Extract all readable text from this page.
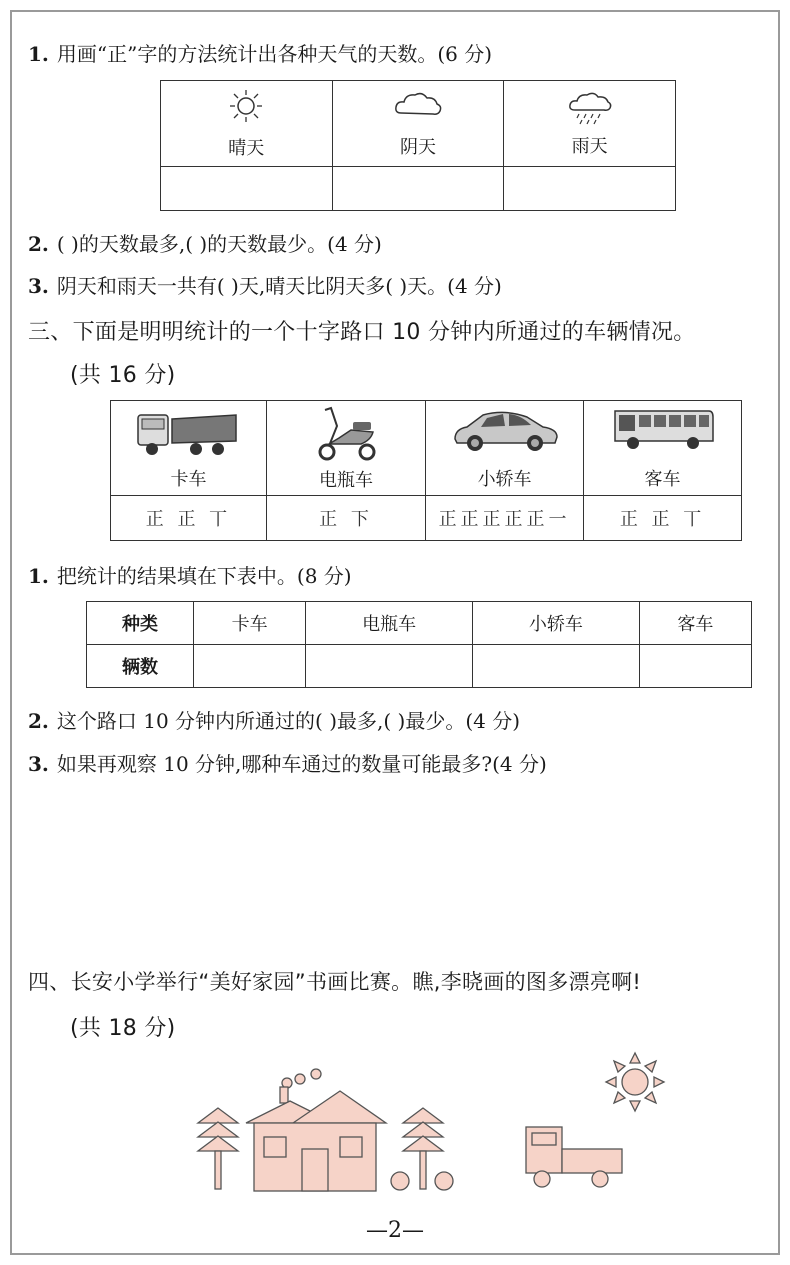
1. 用画“正”字的方法统计出各种天气的天数。(6 分)
晴天	阴天	雨天

2. ( )的天数最多,( )的天数最少。(4 分)
3. 阴天和雨天一共有( )天,晴天比阴天多( )天。(4 分)
三、下面是明明统计的一个十字路口 10 分钟内所通过的车辆情况。
(共 16 分)
卡车	电瓶车	小轿车	客车

正 正 丅	正 下	正正正正正一	正 正 丅
1. 把统计的结果填在下表中。(8 分)
种类	卡车	电瓶车	小轿车	客车
辆数				
2. 这个路口 10 分钟内所通过的( )最多,( )最少。(4 分)
3. 如果再观察 10 分钟,哪种车通过的数量可能最多?(4 分)
四、长安小学举行“美好家园”书画比赛。瞧,李晓画的图多漂亮啊!
(共 18 分)
—2—
